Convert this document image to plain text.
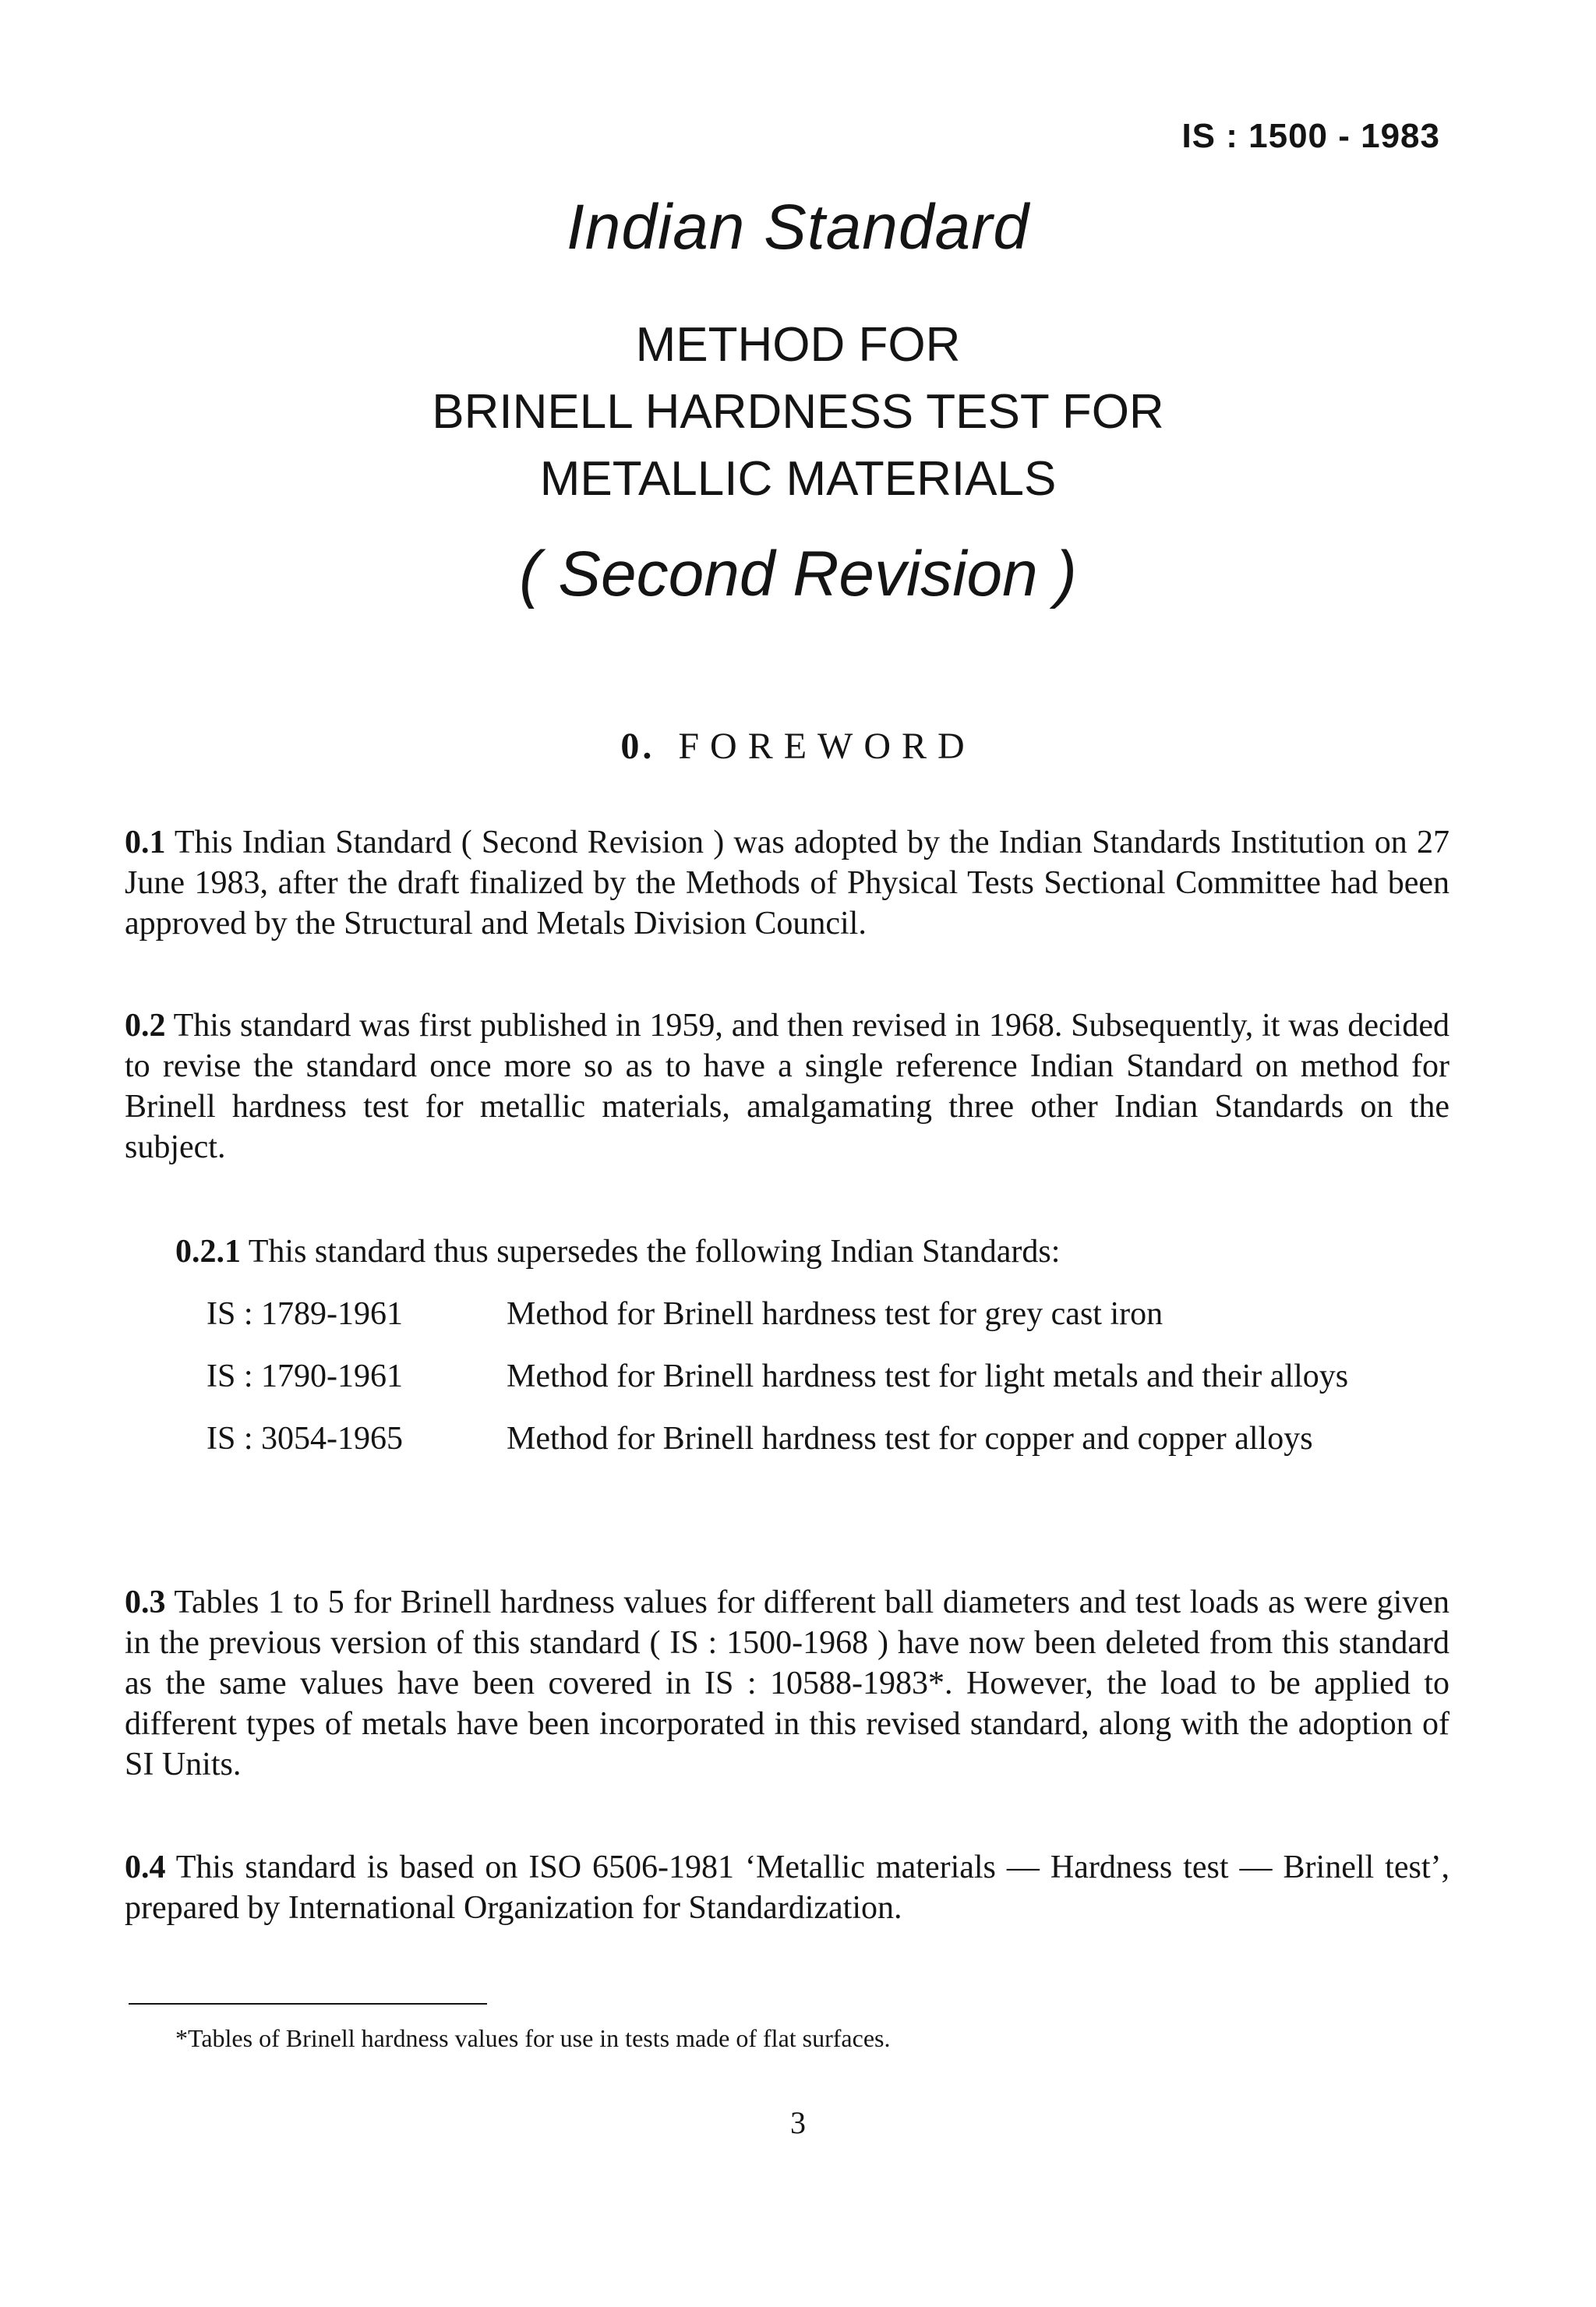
IS : 1500 - 1983
Indian Standard
METHOD FOR
BRINELL HARDNESS TEST FOR
METALLIC MATERIALS
( Second Revision )
0. FOREWORD
0.1 This Indian Standard ( Second Revision ) was adopted by the Indian Standards Institution on 27 June 1983, after the draft finalized by the Methods of Physical Tests Sectional Committee had been approved by the Structural and Metals Division Council.
0.2 This standard was first published in 1959, and then revised in 1968. Subsequently, it was decided to revise the standard once more so as to have a single reference Indian Standard on method for Brinell hardness test for metallic materials, amalgamating three other Indian Standards on the subject.
0.2.1 This standard thus supersedes the following Indian Standards:
IS : 1789-1961	Method for Brinell hardness test for grey cast iron
IS : 1790-1961	Method for Brinell hardness test for light metals and their alloys
IS : 3054-1965	Method for Brinell hardness test for copper and copper alloys
0.3 Tables 1 to 5 for Brinell hardness values for different ball diameters and test loads as were given in the previous version of this standard ( IS : 1500-1968 ) have now been deleted from this standard as the same values have been covered in IS : 10588-1983*. However, the load to be applied to different types of metals have been incorporated in this revised standard, along with the adoption of SI Units.
0.4 This standard is based on ISO 6506-1981 ‘Metallic materials — Hardness test — Brinell test’, prepared by International Organization for Standardization.
*Tables of Brinell hardness values for use in tests made of flat surfaces.
3
